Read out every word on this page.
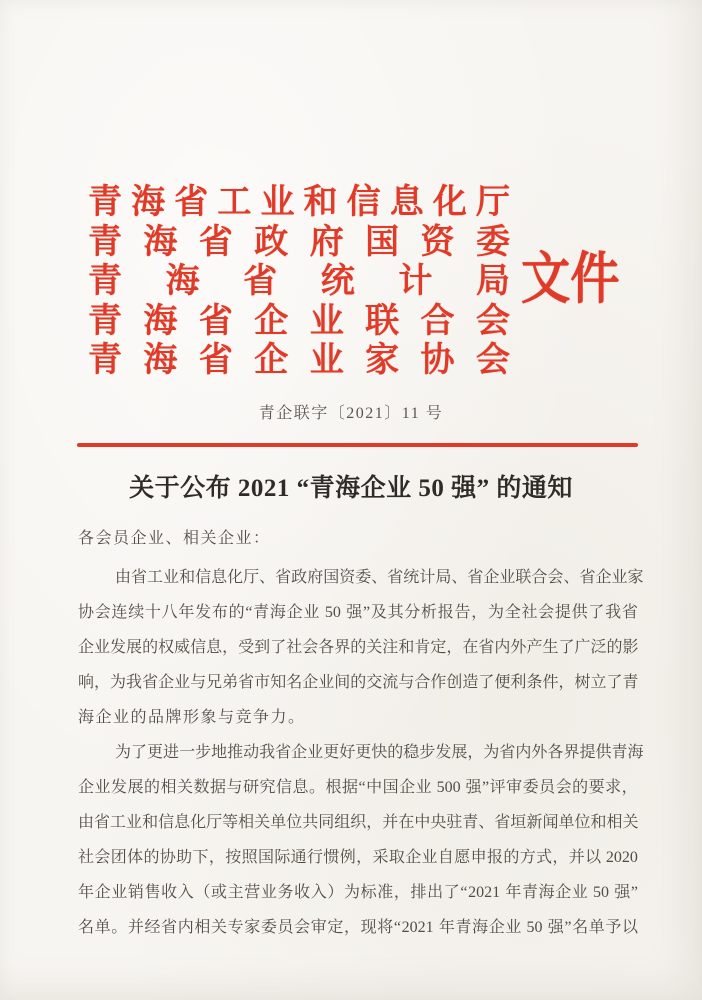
青 海 省 工 业 和 信 息 化 厅
青 海 省 政 府 国 资 委
青 海 省 统 计 局
青 海 省 企 业 联 合 会
青 海 省 企 业 家 协 会
文件
青企联字〔2021〕11 号
关于公布 2021 “青海企业 50 强” 的通知
各会员企业、相关企业：
由 省 工 业 和 信 息 化 厅 、 省 政 府 国 资 委 、 省 统 计 局 、 省 企 业 联 合 会 、 省 企 业 家
协 会 连 续 十 八 年 发 布 的 “ 青 海 企 业
50
强 ” 及 其 分 析 报 告 ， 为 全 社 会 提 供 了 我 省
企 业 发 展 的 权 威 信 息 ， 受 到 了 社 会 各 界 的 关 注 和 肯 定 ， 在 省 内 外 产 生 了 广 泛 的 影
响 ， 为 我 省 企 业 与 兄 弟 省 市 知 名 企 业 间 的 交 流 与 合 作 创 造 了 便 利 条 件 ， 树 立 了 青
海企业的品牌形象与竞争力。
为 了 更 进 一 步 地 推 动 我 省 企 业 更 好 更 快 的 稳 步 发 展 ， 为 省 内 外 各 界 提 供 青 海
企 业 发 展 的 相 关 数 据 与 研 究 信 息 。 根 据 “ 中 国 企 业
500
强 ” 评 审 委 员 会 的 要 求 ，
由 省 工 业 和 信 息 化 厅 等 相 关 单 位 共 同 组 织 ， 并 在 中 央 驻 青 、 省 垣 新 闻 单 位 和 相 关
社 会 团 体 的 协 助 下 ， 按 照 国 际 通 行 惯 例 ， 采 取 企 业 自 愿 申 报 的 方 式 ， 并 以
2020
年 企 业 销 售 收 入 （ 或 主 营 业 务 收 入 ） 为 标 准 ， 排 出 了 “ 2021
年 青 海 企 业
50
强 ”
名 单 。 并 经 省 内 相 关 专 家 委 员 会 审 定 ， 现 将 “ 2021
年 青 海 企 业
50
强 ” 名 单 予 以
